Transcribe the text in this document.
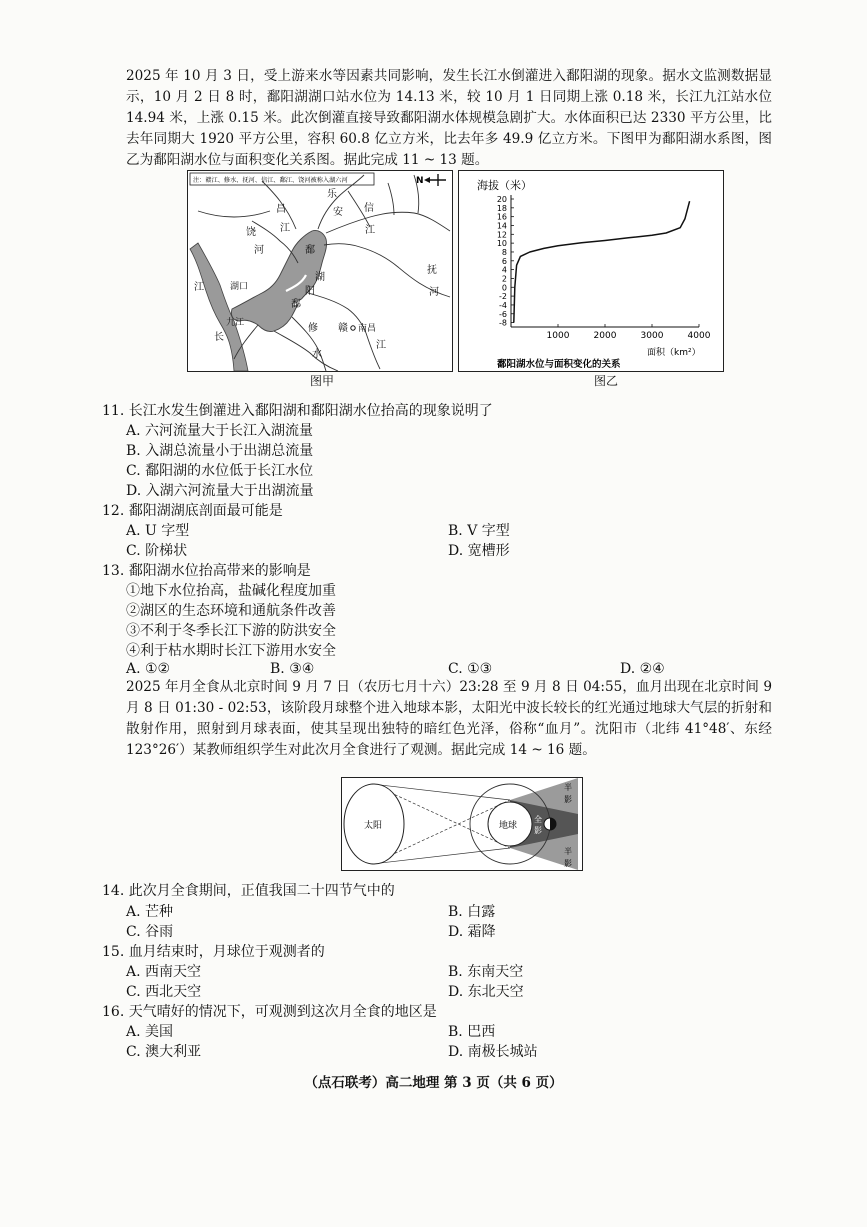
2025 年 10 月 3 日，受上游来水等因素共同影响，发生长江水倒灌进入鄱阳湖的现象。据水文监测数据显示，10 月 2 日 8 时，鄱阳湖湖口站水位为 14.13 米，较 10 月 1 日同期上涨 0.18 米，长江九江站水位 14.94 米，上涨 0.15 米。此次倒灌直接导致鄱阳湖水体规模急剧扩大。水体面积已达 2330 平方公里，比去年同期大 1920 平方公里，容积 60.8 亿立方米，比去年多 49.9 亿立方米。下图甲为鄱阳湖水系图，图乙为鄱阳湖水位与面积变化关系图。据此完成 11 ~ 13 题。

注：赣江、修水、抚河、信江、鄱江、饶河被称入湖六河	N
昌
江
乐
安 信
江
饶
河	鄱
湖
江	湖口	阳
抚
河
鄱
九江
长
修 赣
水
南昌
江
图甲
海拔（米）
面积（km²）
鄱阳湖水位与面积变化的关系
-8
-6
-4
-2
0
2
4
6
8
10
12
14
16
18
20
1000	2000	3000	4000
图乙
11. 长江水发生倒灌进入鄱阳湖和鄱阳湖水位抬高的现象说明了
A. 六河流量大于长江入湖流量
B. 入湖总流量小于出湖总流量
C. 鄱阳湖的水位低于长江水位
D. 入湖六河流量大于出湖流量
12. 鄱阳湖湖底剖面最可能是
A. U 字型	B. V 字型
C. 阶梯状	D. 宽槽形
13. 鄱阳湖水位抬高带来的影响是
①地下水位抬高，盐碱化程度加重
②湖区的生态环境和通航条件改善
③不利于冬季长江下游的防洪安全
④利于枯水期时长江下游用水安全
A. ①②	B. ③④	C. ①③	D. ②④

2025 年月全食从北京时间 9 月 7 日（农历七月十六）23:28 至 9 月 8 日 04:55，血月出现在北京时间 9 月 8 日 01:30 - 02:53，该阶段月球整个进入地球本影，太阳光中波长较长的红光通过地球大气层的折射和散射作用，照射到月球表面，使其呈现出独特的暗红色光泽，俗称“血月”。沈阳市（北纬 41°48′、东经 123°26′）某教师组织学生对此次月全食进行了观测。据此完成 14 ~ 16 题。

太阳	地球
全
影
半
影
半
影
14. 此次月全食期间，正值我国二十四节气中的
A. 芒种	B. 白露
C. 谷雨	D. 霜降
15. 血月结束时，月球位于观测者的
A. 西南天空	B. 东南天空
C. 西北天空	D. 东北天空
16. 天气晴好的情况下，可观测到这次月全食的地区是
A. 美国	B. 巴西
C. 澳大利亚	D. 南极长城站
（点石联考）高二地理 第 3 页（共 6 页）
